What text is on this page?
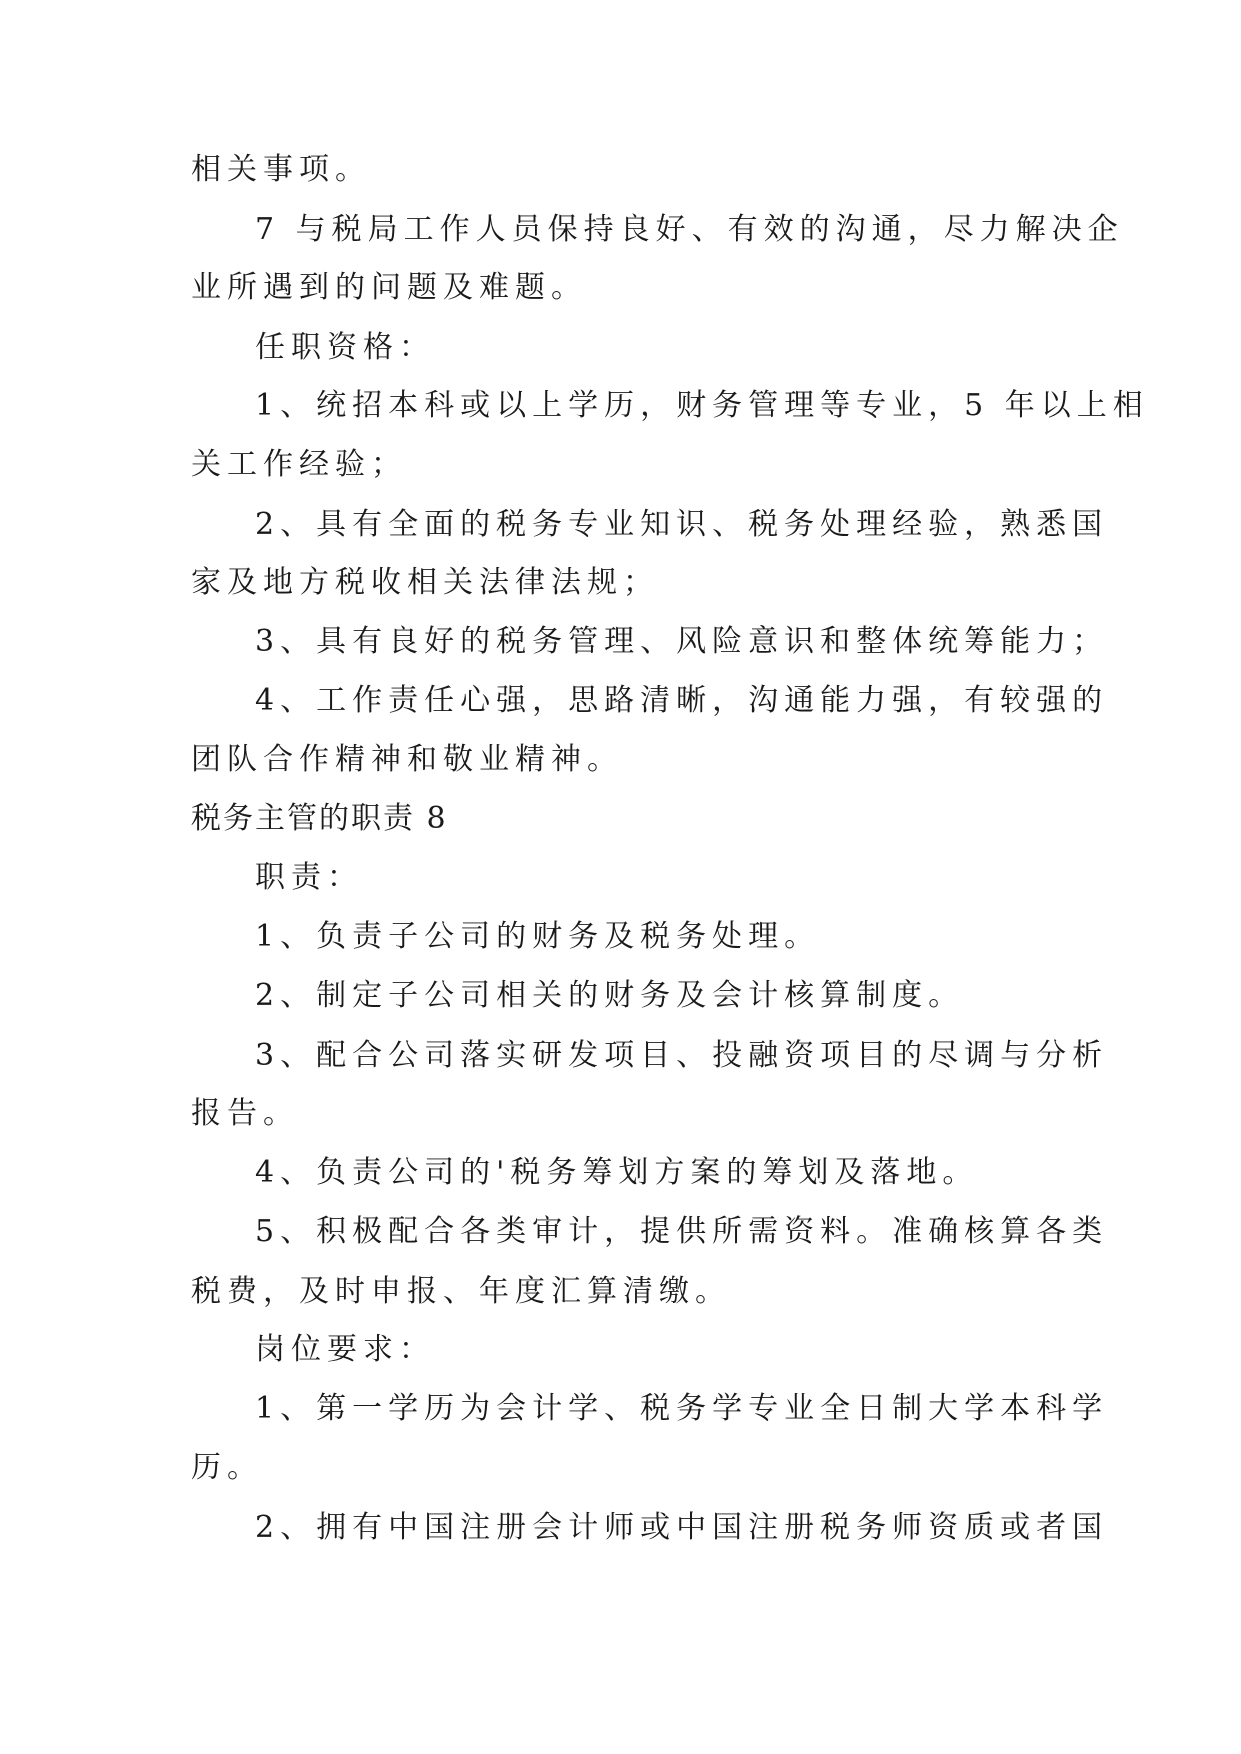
相关事项。

7 与税局工作人员保持良好、有效的沟通，尽力解决企

业所遇到的问题及难题。

任职资格：

1、统招本科或以上学历，财务管理等专业，5 年以上相

关工作经验；

2、具有全面的税务专业知识、税务处理经验，熟悉国

家及地方税收相关法律法规；

3、具有良好的税务管理、风险意识和整体统筹能力；

4、工作责任心强，思路清晰，沟通能力强，有较强的

团队合作精神和敬业精神。

税务主管的职责 8

职责：

1、负责子公司的财务及税务处理。

2、制定子公司相关的财务及会计核算制度。

3、配合公司落实研发项目、投融资项目的尽调与分析

报告。

4、负责公司的'税务筹划方案的筹划及落地。

5、积极配合各类审计，提供所需资料。准确核算各类

税费，及时申报、年度汇算清缴。

岗位要求：

1、第一学历为会计学、税务学专业全日制大学本科学

历。

2、拥有中国注册会计师或中国注册税务师资质或者国
